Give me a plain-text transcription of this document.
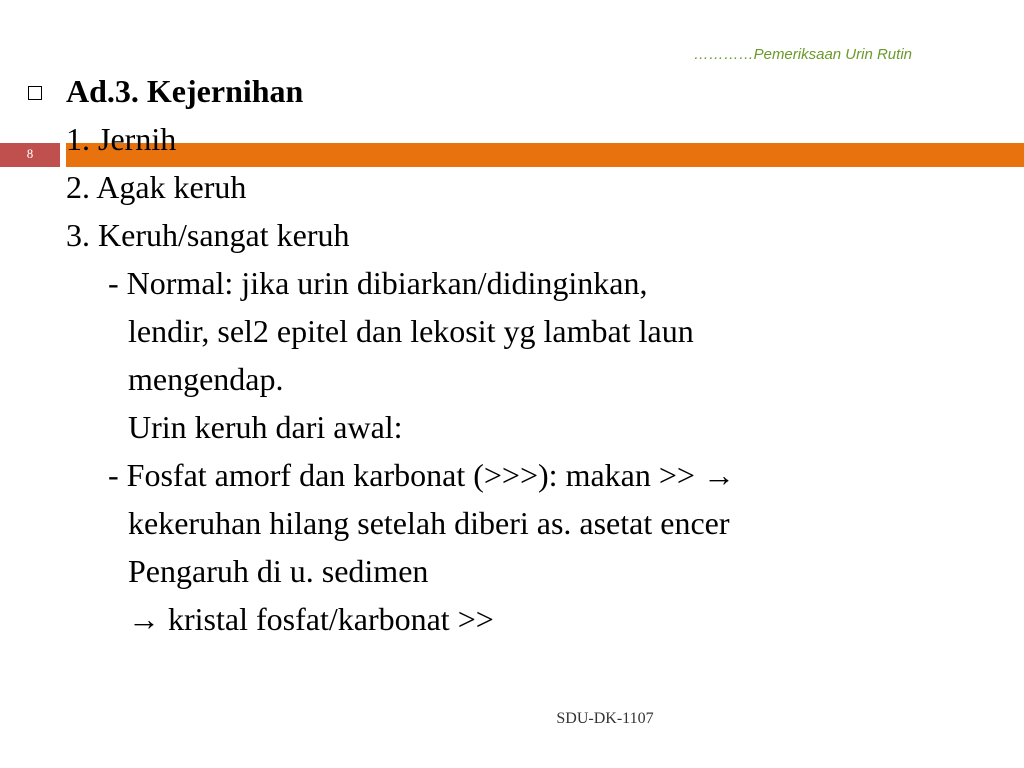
…………Pemeriksaan Urin Rutin
8
Ad.3. Kejernihan
1. Jernih
2. Agak keruh
3. Keruh/sangat keruh
- Normal: jika urin dibiarkan/didinginkan,
lendir, sel2 epitel dan lekosit yg lambat laun
mengendap.
Urin keruh dari awal:
- Fosfat amorf dan karbonat (>>>): makan >> →
kekeruhan hilang setelah diberi as. asetat encer
Pengaruh di u. sedimen
→ kristal fosfat/karbonat >>
SDU-DK-1107
